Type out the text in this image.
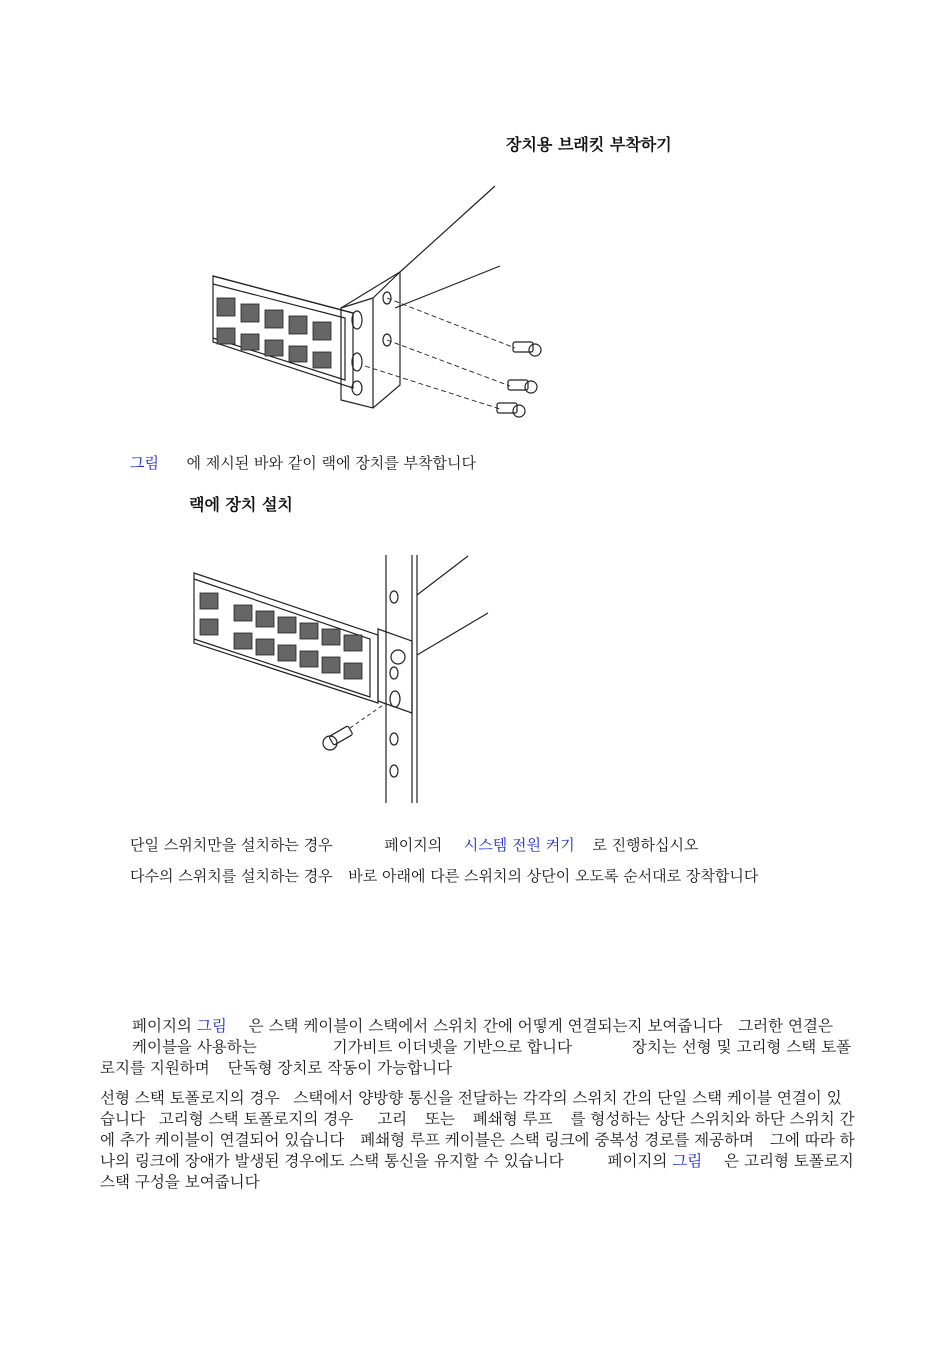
장치용 브래킷 부착하기
그림 에 제시된 바와 같이 랙에 장치를 부착합니다
랙에 장치 설치
단일 스위치만을 설치하는 경우	페이지의 시스템 전원 켜기 로 진행하십시오
다수의 스위치를 설치하는 경우 바로 아래에 다른 스위치의 상단이 오도록 순서대로 장착합니다
페이지의 그림 은 스택 케이블이 스택에서 스위치 간에 어떻게 연결되는지 보여줍니다 그러한 연결은
케이블을 사용하는	기가비트 이더넷을 기반으로 합니다	장치는 선형 및 고리형 스택 토폴
로지를 지원하며 단독형 장치로 작동이 가능합니다
선형 스택 토폴로지의 경우 스택에서 양방향 통신을 전달하는 각각의 스위치 간의 단일 스택 케이블 연결이 있
습니다 고리형 스택 토폴로지의 경우 고리 또는 폐쇄형 루프 를 형성하는 상단 스위치와 하단 스위치 간
에 추가 케이블이 연결되어 있습니다 폐쇄형 루프 케이블은 스택 링크에 중복성 경로를 제공하며 그에 따라 하
나의 링크에 장애가 발생된 경우에도 스택 통신을 유지할 수 있습니다	페이지의 그림 은 고리형 토폴로지
스택 구성을 보여줍니다
